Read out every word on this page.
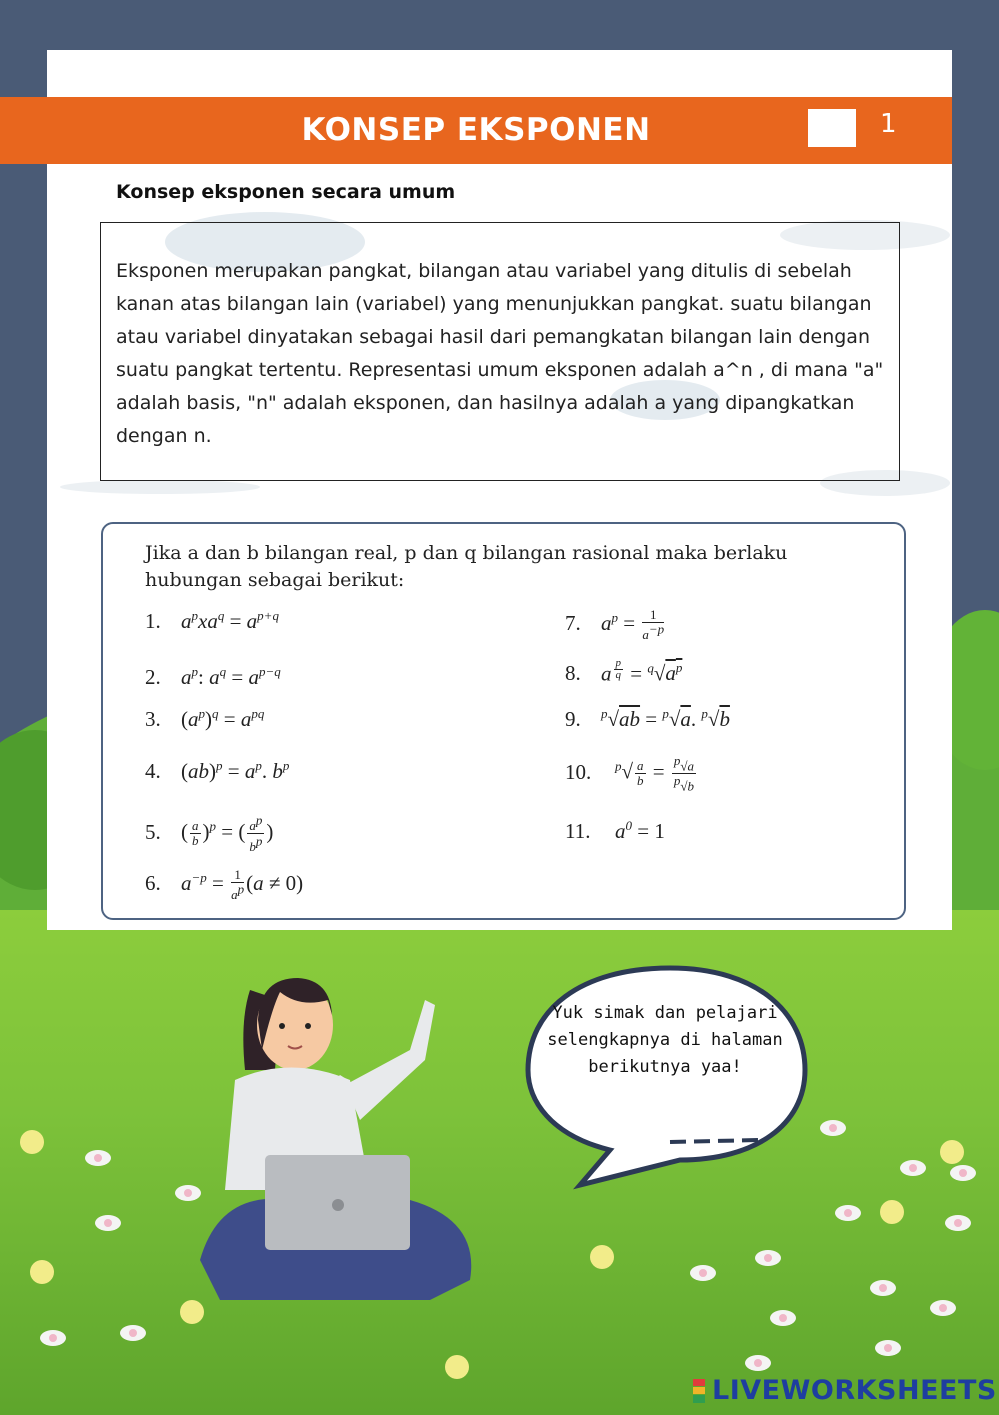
KONSEP EKSPONEN	1
Konsep eksponen secara umum

Eksponen merupakan pangkat, bilangan atau variabel yang ditulis di sebelah kanan atas bilangan lain (variabel) yang menunjukkan pangkat. suatu bilangan atau variabel dinyatakan sebagai hasil dari pemangkatan bilangan lain dengan suatu pangkat tertentu. Representasi umum eksponen adalah a^n , di mana "a" adalah basis, "n" adalah eksponen, dan hasilnya adalah a yang dipangkatkan dengan n.

Jika a dan b bilangan real, p dan q bilangan rasional maka berlaku hubungan sebagai berikut:
1. $a^pxa^q = a^{p+q}$
2. $a^p$: $a^q = a^{p-q}$
3. $(a^p)^q = a^{pq}$
4. $(ab)^p = a^p$. $b^p$
5. ( $\frac{a}{b} )^p$ = ( $\frac{a^p}{b^p}$ )
6. $a^{-p} = \frac{1}{a^p} (a \ne 0)$
7. $a^p = \frac{1}{a^{-p}}$
8. a $^{\frac{p}{q}} = ^q√a^p$
9. $^p$√ab = $^p$√a. $^p$√b
10. $^p√ \frac{a}{b} = \frac{^p√a}{^p√b}$
11. $a^0 = 1$
Yuk simak dan pelajari selengkapnya di halaman berikutnya yaa!
LIVEWORKSHEETS
